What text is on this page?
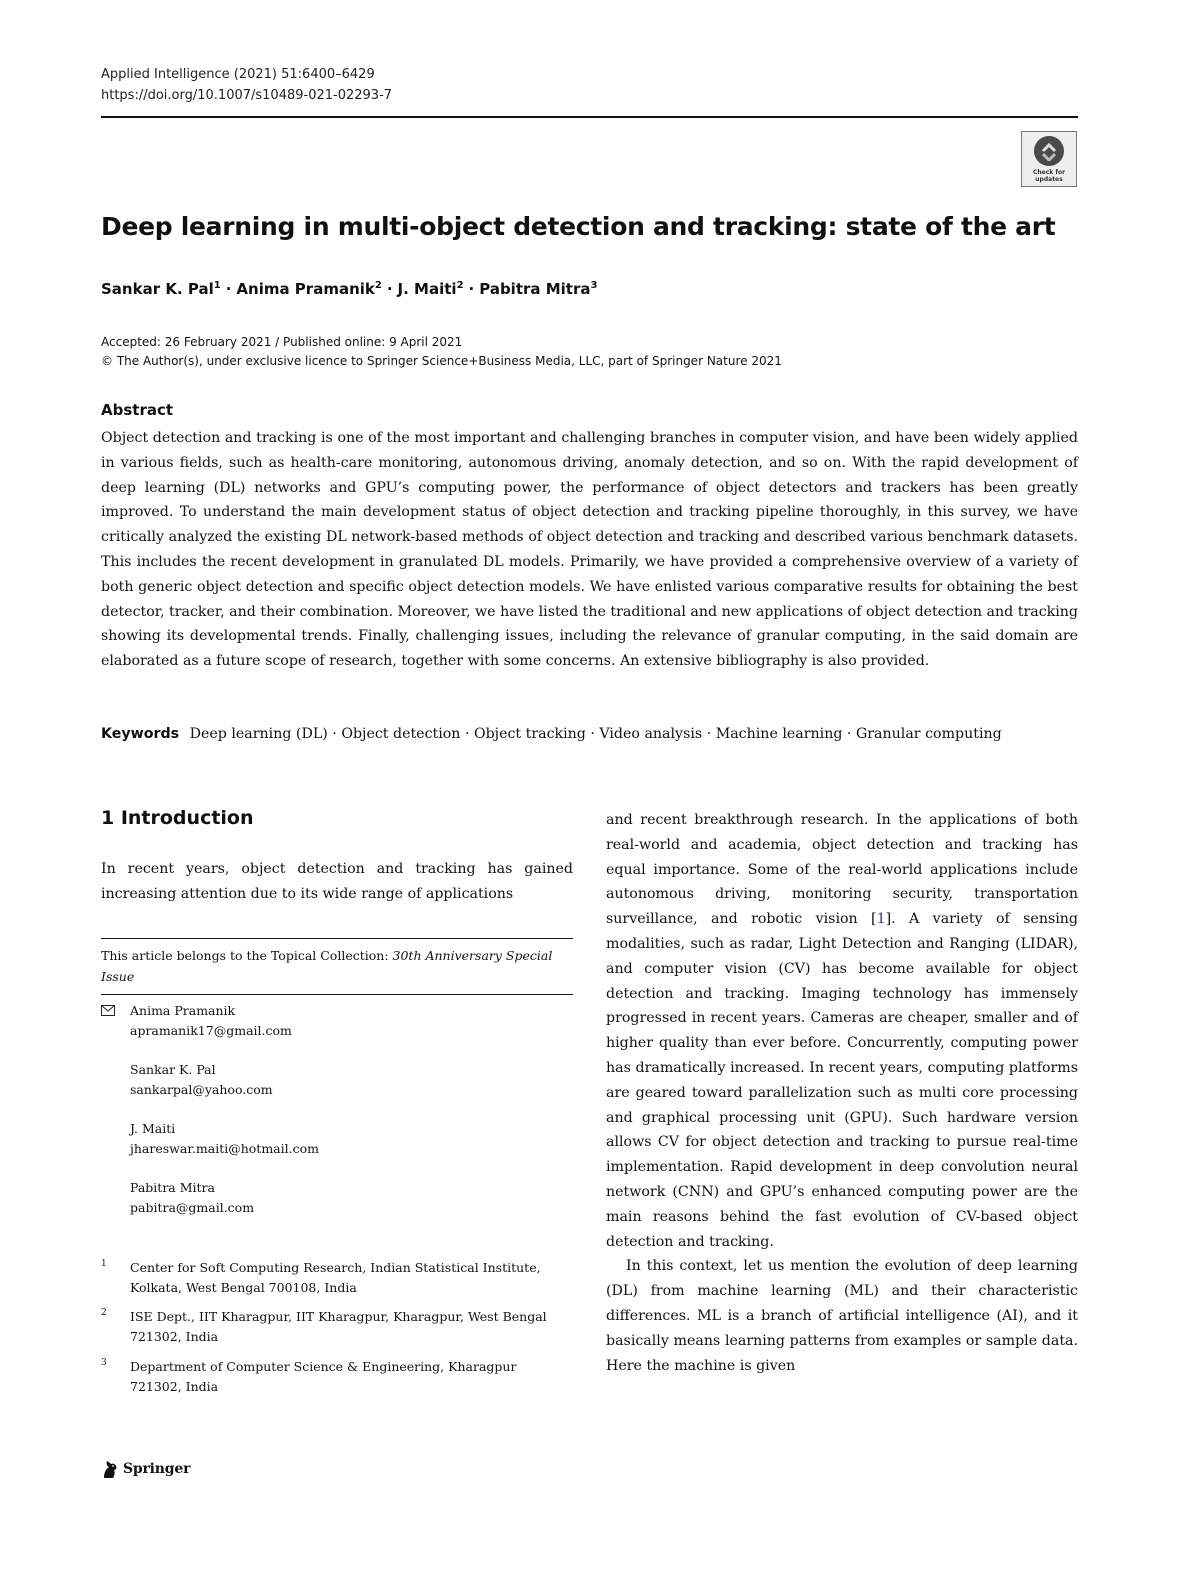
Applied Intelligence (2021) 51:6400–6429
https://doi.org/10.1007/s10489-021-02293-7
Check for
updates
Deep learning in multi-object detection and tracking: state of the art
Sankar K. Pal$^1$ · Anima Pramanik$^2$ · J. Maiti$^2$ · Pabitra Mitra$^3$
Accepted: 26 February 2021 / Published online: 9 April 2021
© The Author(s), under exclusive licence to Springer Science+Business Media, LLC, part of Springer Nature 2021
Abstract

Object detection and tracking is one of the most important and challenging branches in computer vision, and have been widely applied in various fields, such as health-care monitoring, autonomous driving, anomaly detection, and so on. With the rapid development of deep learning (DL) networks and GPU’s computing power, the performance of object detectors and trackers has been greatly improved. To understand the main development status of object detection and tracking pipeline thoroughly, in this survey, we have critically analyzed the existing DL network-based methods of object detection and tracking and described various benchmark datasets. This includes the recent development in granulated DL models. Primarily, we have provided a comprehensive overview of a variety of both generic object detection and specific object detection models. We have enlisted various comparative results for obtaining the best detector, tracker, and their combination. Moreover, we have listed the traditional and new applications of object detection and tracking showing its developmental trends. Finally, challenging issues, including the relevance of granular computing, in the said domain are elaborated as a future scope of research, together with some concerns. An extensive bibliography is also provided.

Keywords Deep learning (DL) · Object detection · Object tracking · Video analysis · Machine learning · Granular computing
1 Introduction

In recent years, object detection and tracking has gained increasing attention due to its wide range of applications

This article belongs to the Topical Collection: 30th Anniversary Special Issue
Anima Pramanik
apramanik17@gmail.com
Sankar K. Pal
sankarpal@yahoo.com
J. Maiti
jhareswar.maiti@hotmail.com
Pabitra Mitra
pabitra@gmail.com
1 Center for Soft Computing Research, Indian Statistical Institute, Kolkata, West Bengal 700108, India
2 ISE Dept., IIT Kharagpur, IIT Kharagpur, Kharagpur, West Bengal 721302, India
3 Department of Computer Science & Engineering, Kharagpur 721302, India

and recent breakthrough research. In the applications of both real-world and academia, object detection and tracking has equal importance. Some of the real-world applications include autonomous driving, monitoring security, transportation surveillance, and robotic vision [1]. A variety of sensing modalities, such as radar, Light Detection and Ranging (LIDAR), and computer vision (CV) has become available for object detection and tracking. Imaging technology has immensely progressed in recent years. Cameras are cheaper, smaller and of higher quality than ever before. Concurrently, computing power has dramatically increased. In recent years, computing platforms are geared toward parallelization such as multi core processing and graphical processing unit (GPU). Such hardware version allows CV for object detection and tracking to pursue real-time implementation. Rapid development in deep convolution neural network (CNN) and GPU’s enhanced computing power are the main reasons behind the fast evolution of CV-based object detection and tracking.

In this context, let us mention the evolution of deep learning (DL) from machine learning (ML) and their characteristic differences. ML is a branch of artificial intelligence (AI), and it basically means learning patterns from examples or sample data. Here the machine is given

Springer
